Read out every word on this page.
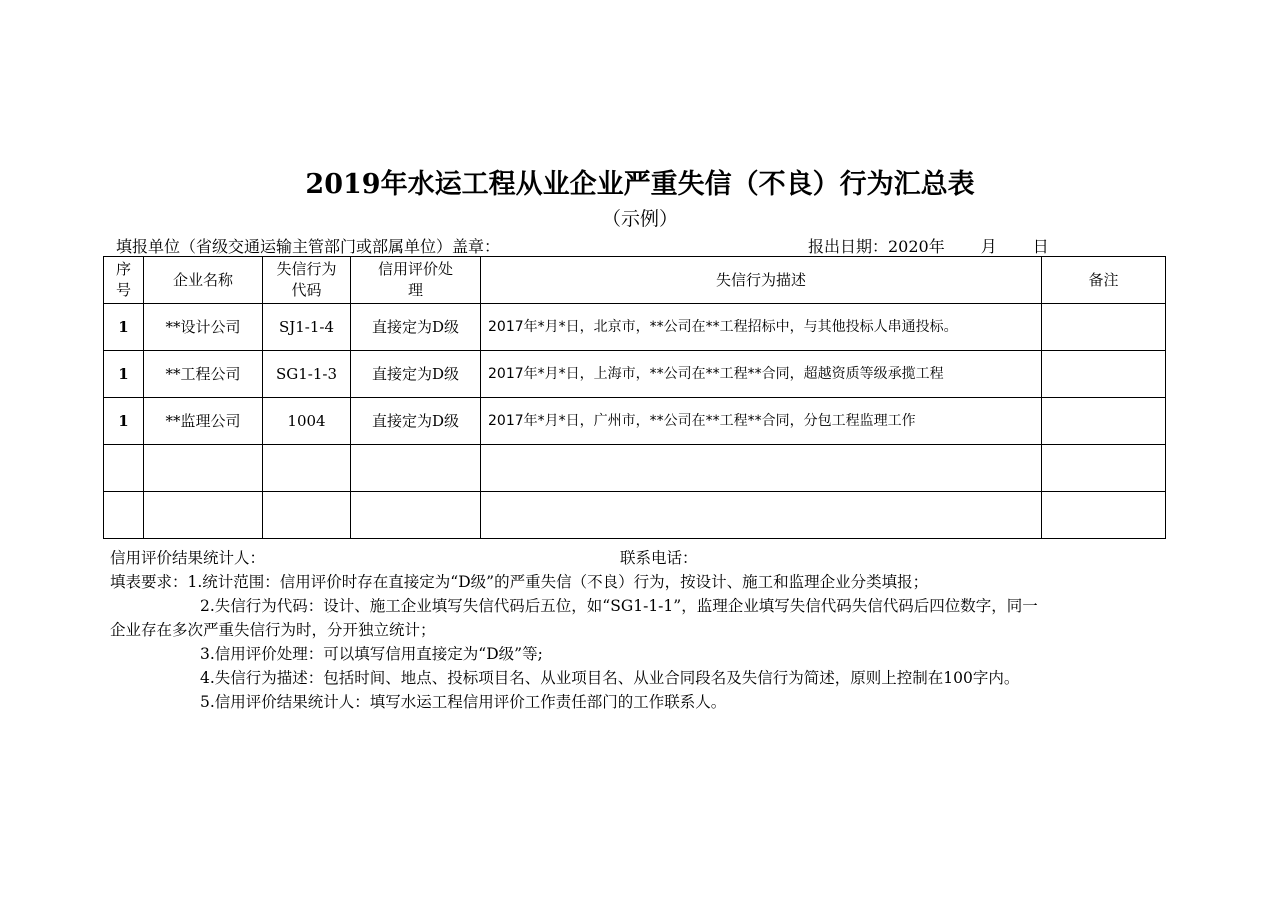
2019年水运工程从业企业严重失信（不良）行为汇总表
（示例）
填报单位（省级交通运输主管部门或部属单位）盖章：	报出日期：2020年 月 日
序号	企业名称	失信行为代码	信用评价处理	失信行为描述	备注
1	**设计公司	SJ1-1-4	直接定为D级	2017年*月*日，北京市，**公司在**工程招标中，与其他投标人串通投标。	
1	**工程公司	SG1-1-3	直接定为D级	2017年*月*日，上海市，**公司在**工程**合同，超越资质等级承揽工程	
1	**监理公司	1004	直接定为D级	2017年*月*日，广州市，**公司在**工程**合同，分包工程监理工作	

信用评价结果统计人：	联系电话：
填表要求：1.统计范围：信用评价时存在直接定为“D级”的严重失信（不良）行为，按设计、施工和监理企业分类填报；
2.失信行为代码：设计、施工企业填写失信代码后五位，如“SG1-1-1”，监理企业填写失信代码失信代码后四位数字，同一
企业存在多次严重失信行为时，分开独立统计；
3.信用评价处理：可以填写信用直接定为“D级”等;
4.失信行为描述：包括时间、地点、投标项目名、从业项目名、从业合同段名及失信行为简述，原则上控制在100字内。
5.信用评价结果统计人：填写水运工程信用评价工作责任部门的工作联系人。
